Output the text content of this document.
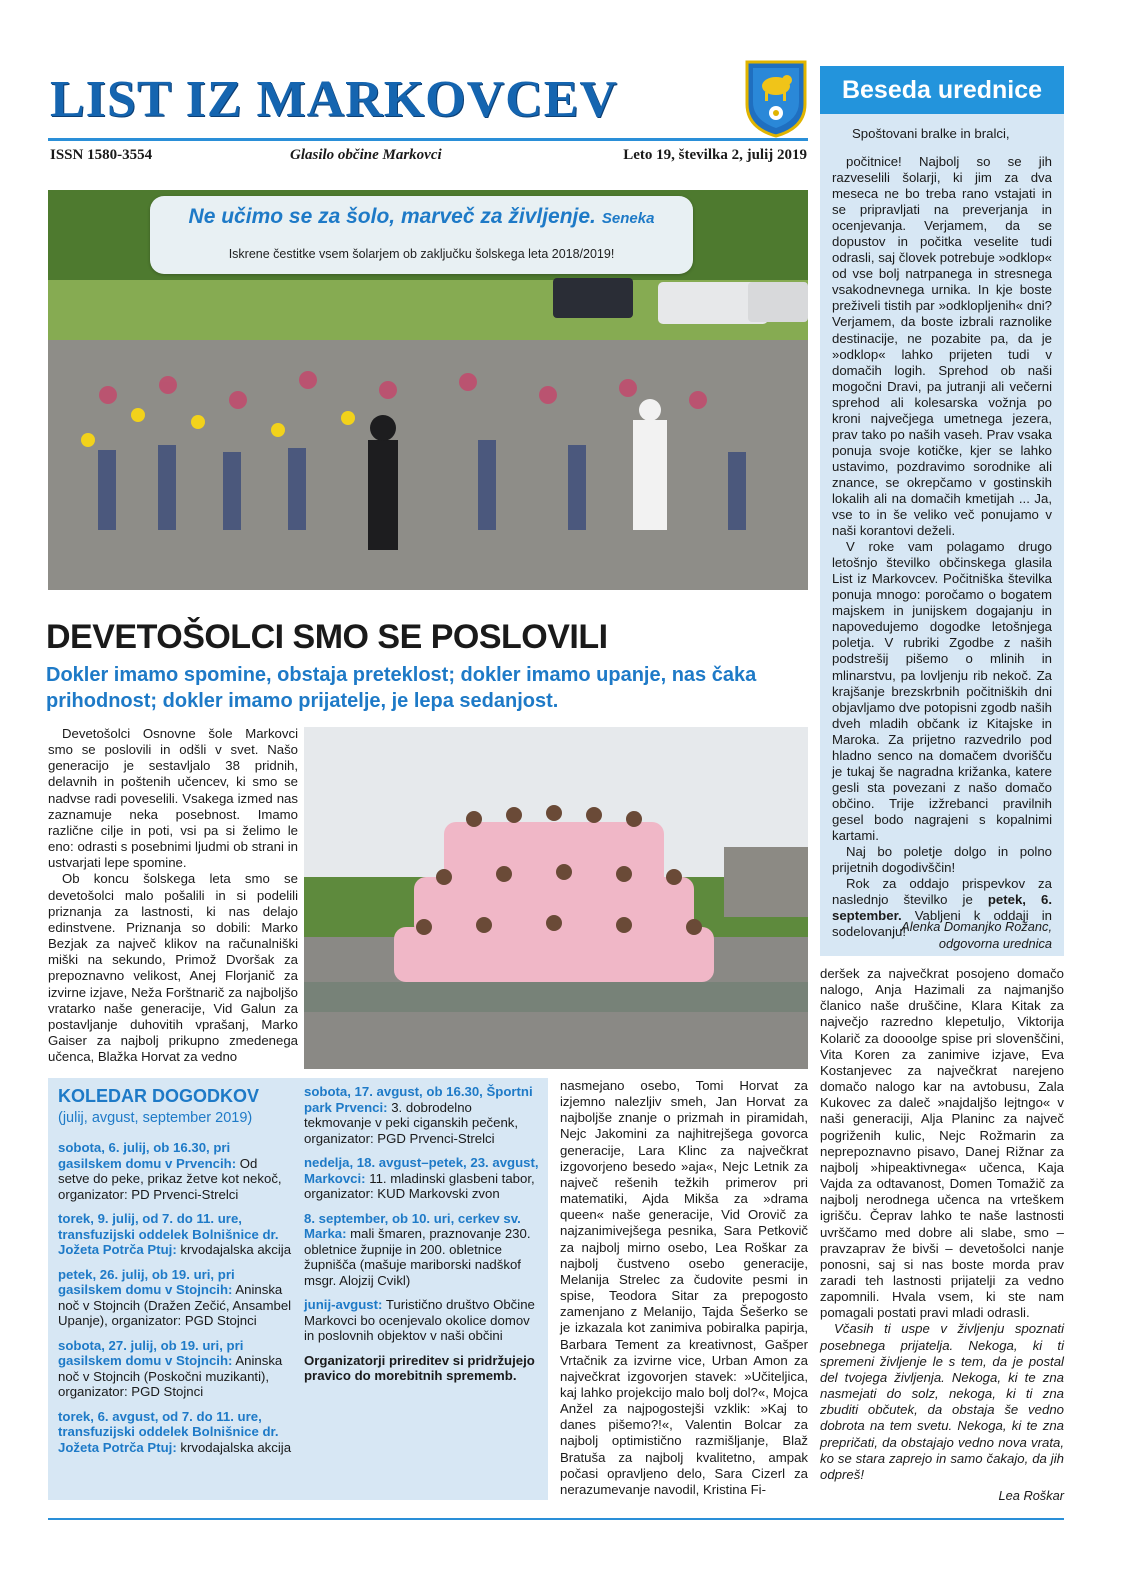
LIST IZ MARKOVCEV
ISSN 1580-3554	Glasilo občine Markovci	Leto 19, številka 2, julij 2019
Beseda urednice
Spoštovani bralke in bralci,

počitnice! Najbolj so se jih razveselili šolarji, ki jim za dva meseca ne bo treba rano vstajati in se pripravljati na preverjanja in ocenjevanja. Verjamem, da se dopustov in počitka veselite tudi odrasli, saj človek potrebuje »odklop« od vse bolj natrpanega in stresnega vsakodnevnega urnika. In kje boste preživeli tistih par »odklopljenih« dni? Verjamem, da boste izbrali raznolike destinacije, ne pozabite pa, da je »odklop« lahko prijeten tudi v domačih logih. Sprehod ob naši mogočni Dravi, pa jutranji ali večerni sprehod ali kolesarska vožnja po kroni največjega umetnega jezera, prav tako po naših vaseh. Prav vsaka ponuja svoje kotičke, kjer se lahko ustavimo, pozdravimo sorodnike ali znance, se okrepčamo v gostinskih lokalih ali na domačih kmetijah ... Ja, vse to in še veliko več ponujamo v naši korantovi deželi.

V roke vam polagamo drugo letošnjo številko občinskega glasila List iz Markovcev. Počitniška številka ponuja mnogo: poročamo o bogatem majskem in junijskem dogajanju in napovedujemo dogodke letošnjega poletja. V rubriki Zgodbe z naših podstrešij pišemo o mlinih in mlinarstvu, pa lovljenju rib nekoč. Za krajšanje brezskrbnih počitniških dni objavljamo dve potopisni zgodb naših dveh mladih občank iz Kitajske in Maroka. Za prijetno razvedrilo pod hladno senco na domačem dvorišču je tukaj še nagradna križanka, katere gesli sta povezani z našo domačo občino. Trije izžrebanci pravilnih gesel bodo nagrajeni s kopalnimi kartami.

Naj bo poletje dolgo in polno prijetnih dogodivščin!

Rok za oddajo prispevkov za naslednjo številko je petek, 6. september. Vabljeni k oddaji in sodelovanju!

Alenka Domanjko Rožanc,
odgovorna urednica
Ne učimo se za šolo, marveč za življenje. Seneka
Iskrene čestitke vsem šolarjem ob zaključku šolskega leta 2018/2019!
DEVETOŠOLCI SMO SE POSLOVILI
Dokler imamo spomine, obstaja preteklost; dokler imamo upanje, nas čaka prihodnost; dokler imamo prijatelje, je lepa sedanjost.

Devetošolci Osnovne šole Markovci smo se poslovili in odšli v svet. Našo generacijo je sestavljalo 38 pridnih, delavnih in poštenih učencev, ki smo se nadvse radi poveselili. Vsakega izmed nas zaznamuje neka posebnost. Imamo različne cilje in poti, vsi pa si želimo le eno: odrasti s posebnimi ljudmi ob strani in ustvarjati lepe spomine.

Ob koncu šolskega leta smo se devetošolci malo pošalili in si podelili priznanja za lastnosti, ki nas delajo edinstvene. Priznanja so dobili: Marko Bezjak za največ klikov na računalniški miški na sekundo, Primož Dvoršak za prepoznavno velikost, Anej Florjanič za izvirne izjave, Neža Forštnarič za najboljšo vratarko naše generacije, Vid Galun za postavljanje duhovitih vprašanj, Marko Gaiser za najbolj prikupno zmedenega učenca, Blažka Horvat za vedno

KOLEDAR DOGODKOV
(julij, avgust, september 2019)

sobota, 6. julij, ob 16.30, pri gasilskem domu v Prvencih: Od setve do peke, prikaz žetve kot nekoč, organizator: PD Prvenci-Strelci

torek, 9. julij, od 7. do 11. ure, transfuzijski oddelek Bolnišnice dr. Jožeta Potrča Ptuj: krvodajalska akcija

petek, 26. julij, ob 19. uri, pri gasilskem domu v Stojncih: Aninska noč v Stojncih (Dražen Zečić, Ansambel Upanje), organizator: PGD Stojnci

sobota, 27. julij, ob 19. uri, pri gasilskem domu v Stojncih: Aninska noč v Stojncih (Poskočni muzikanti), organizator: PGD Stojnci

torek, 6. avgust, od 7. do 11. ure, transfuzijski oddelek Bolnišnice dr. Jožeta Potrča Ptuj: krvodajalska akcija

sobota, 17. avgust, ob 16.30, Športni park Prvenci: 3. dobrodelno tekmovanje v peki ciganskih pečenk, organizator: PGD Prvenci-Strelci

nedelja, 18. avgust–petek, 23. avgust, Markovci: 11. mladinski glasbeni tabor, organizator: KUD Markovski zvon

8. september, ob 10. uri, cerkev sv. Marka: mali šmaren, praznovanje 230. obletnice župnije in 200. obletnice župnišča (mašuje mariborski nadškof msgr. Alojzij Cvikl)

junij-avgust: Turistično društvo Občine Markovci bo ocenjevalo okolice domov in poslovnih objektov v naši občini

Organizatorji prireditev si pridržujejo pravico do morebitnih sprememb.

nasmejano osebo, Tomi Horvat za izjemno nalezljiv smeh, Jan Horvat za najboljše znanje o prizmah in piramidah, Nejc Jakomini za najhitrejšega govorca generacije, Lara Klinc za največkrat izgovorjeno besedo »aja«, Nejc Letnik za največ rešenih težkih primerov pri matematiki, Ajda Mikša za »drama queen« naše generacije, Vid Orovič za najzanimivejšega pesnika, Sara Petkovič za najbolj mirno osebo, Lea Roškar za najbolj čustveno osebo generacije, Melanija Strelec za čudovite pesmi in spise, Teodora Sitar za prepogosto zamenjano z Melanijo, Tajda Šešerko se je izkazala kot zanimiva pobiralka papirja, Barbara Tement za kreativnost, Gašper Vrtačnik za izvirne vice, Urban Amon za največkrat izgovorjen stavek: »Učiteljica, kaj lahko projekcijo malo bolj dol?«, Mojca Anžel za najpogostejši vzklik: »Kaj to danes pišemo?!«, Valentin Bolcar za najbolj optimistično razmišljanje, Blaž Bratuša za najbolj kvalitetno, ampak počasi opravljeno delo, Sara Cizerl za nerazumevanje navodil, Kristina Fi-
deršek za največkrat posojeno domačo nalogo, Anja Hazimali za najmanjšo članico naše druščine, Klara Kitak za največjo razredno klepetuljo, Viktorija Kolarič za doooolge spise pri slovenščini, Vita Koren za zanimive izjave, Eva Kostanjevec za največkrat narejeno domačo nalogo kar na avtobusu, Zala Kukovec za daleč »najdaljšo lejtngo« v naši generaciji, Alja Planinc za največ pogriženih kulic, Nejc Rožmarin za neprepoznavno pisavo, Danej Rižnar za najbolj »hipeaktivnega« učenca, Kaja Vajda za odtavanost, Domen Tomažič za najbolj nerodnega učenca na vrteškem igrišču. Čeprav lahko te naše lastnosti uvrščamo med dobre ali slabe, smo – pravzaprav že bivši – devetošolci nanje ponosni, saj si nas boste morda prav zaradi teh lastnosti prijatelji za vedno zapomnili. Hvala vsem, ki ste nam pomagali postati pravi mladi odrasli.
Včasih ti uspe v življenju spoznati posebnega prijatelja. Nekoga, ki ti spremeni življenje le s tem, da je postal del tvojega življenja. Nekoga, ki te zna nasmejati do solz, nekoga, ki ti zna zbuditi občutek, da obstaja še vedno dobrota na tem svetu. Nekoga, ki te zna prepričati, da obstajajo vedno nova vrata, ko se stara zaprejo in samo čakajo, da jih odpreš!
Lea Roškar
